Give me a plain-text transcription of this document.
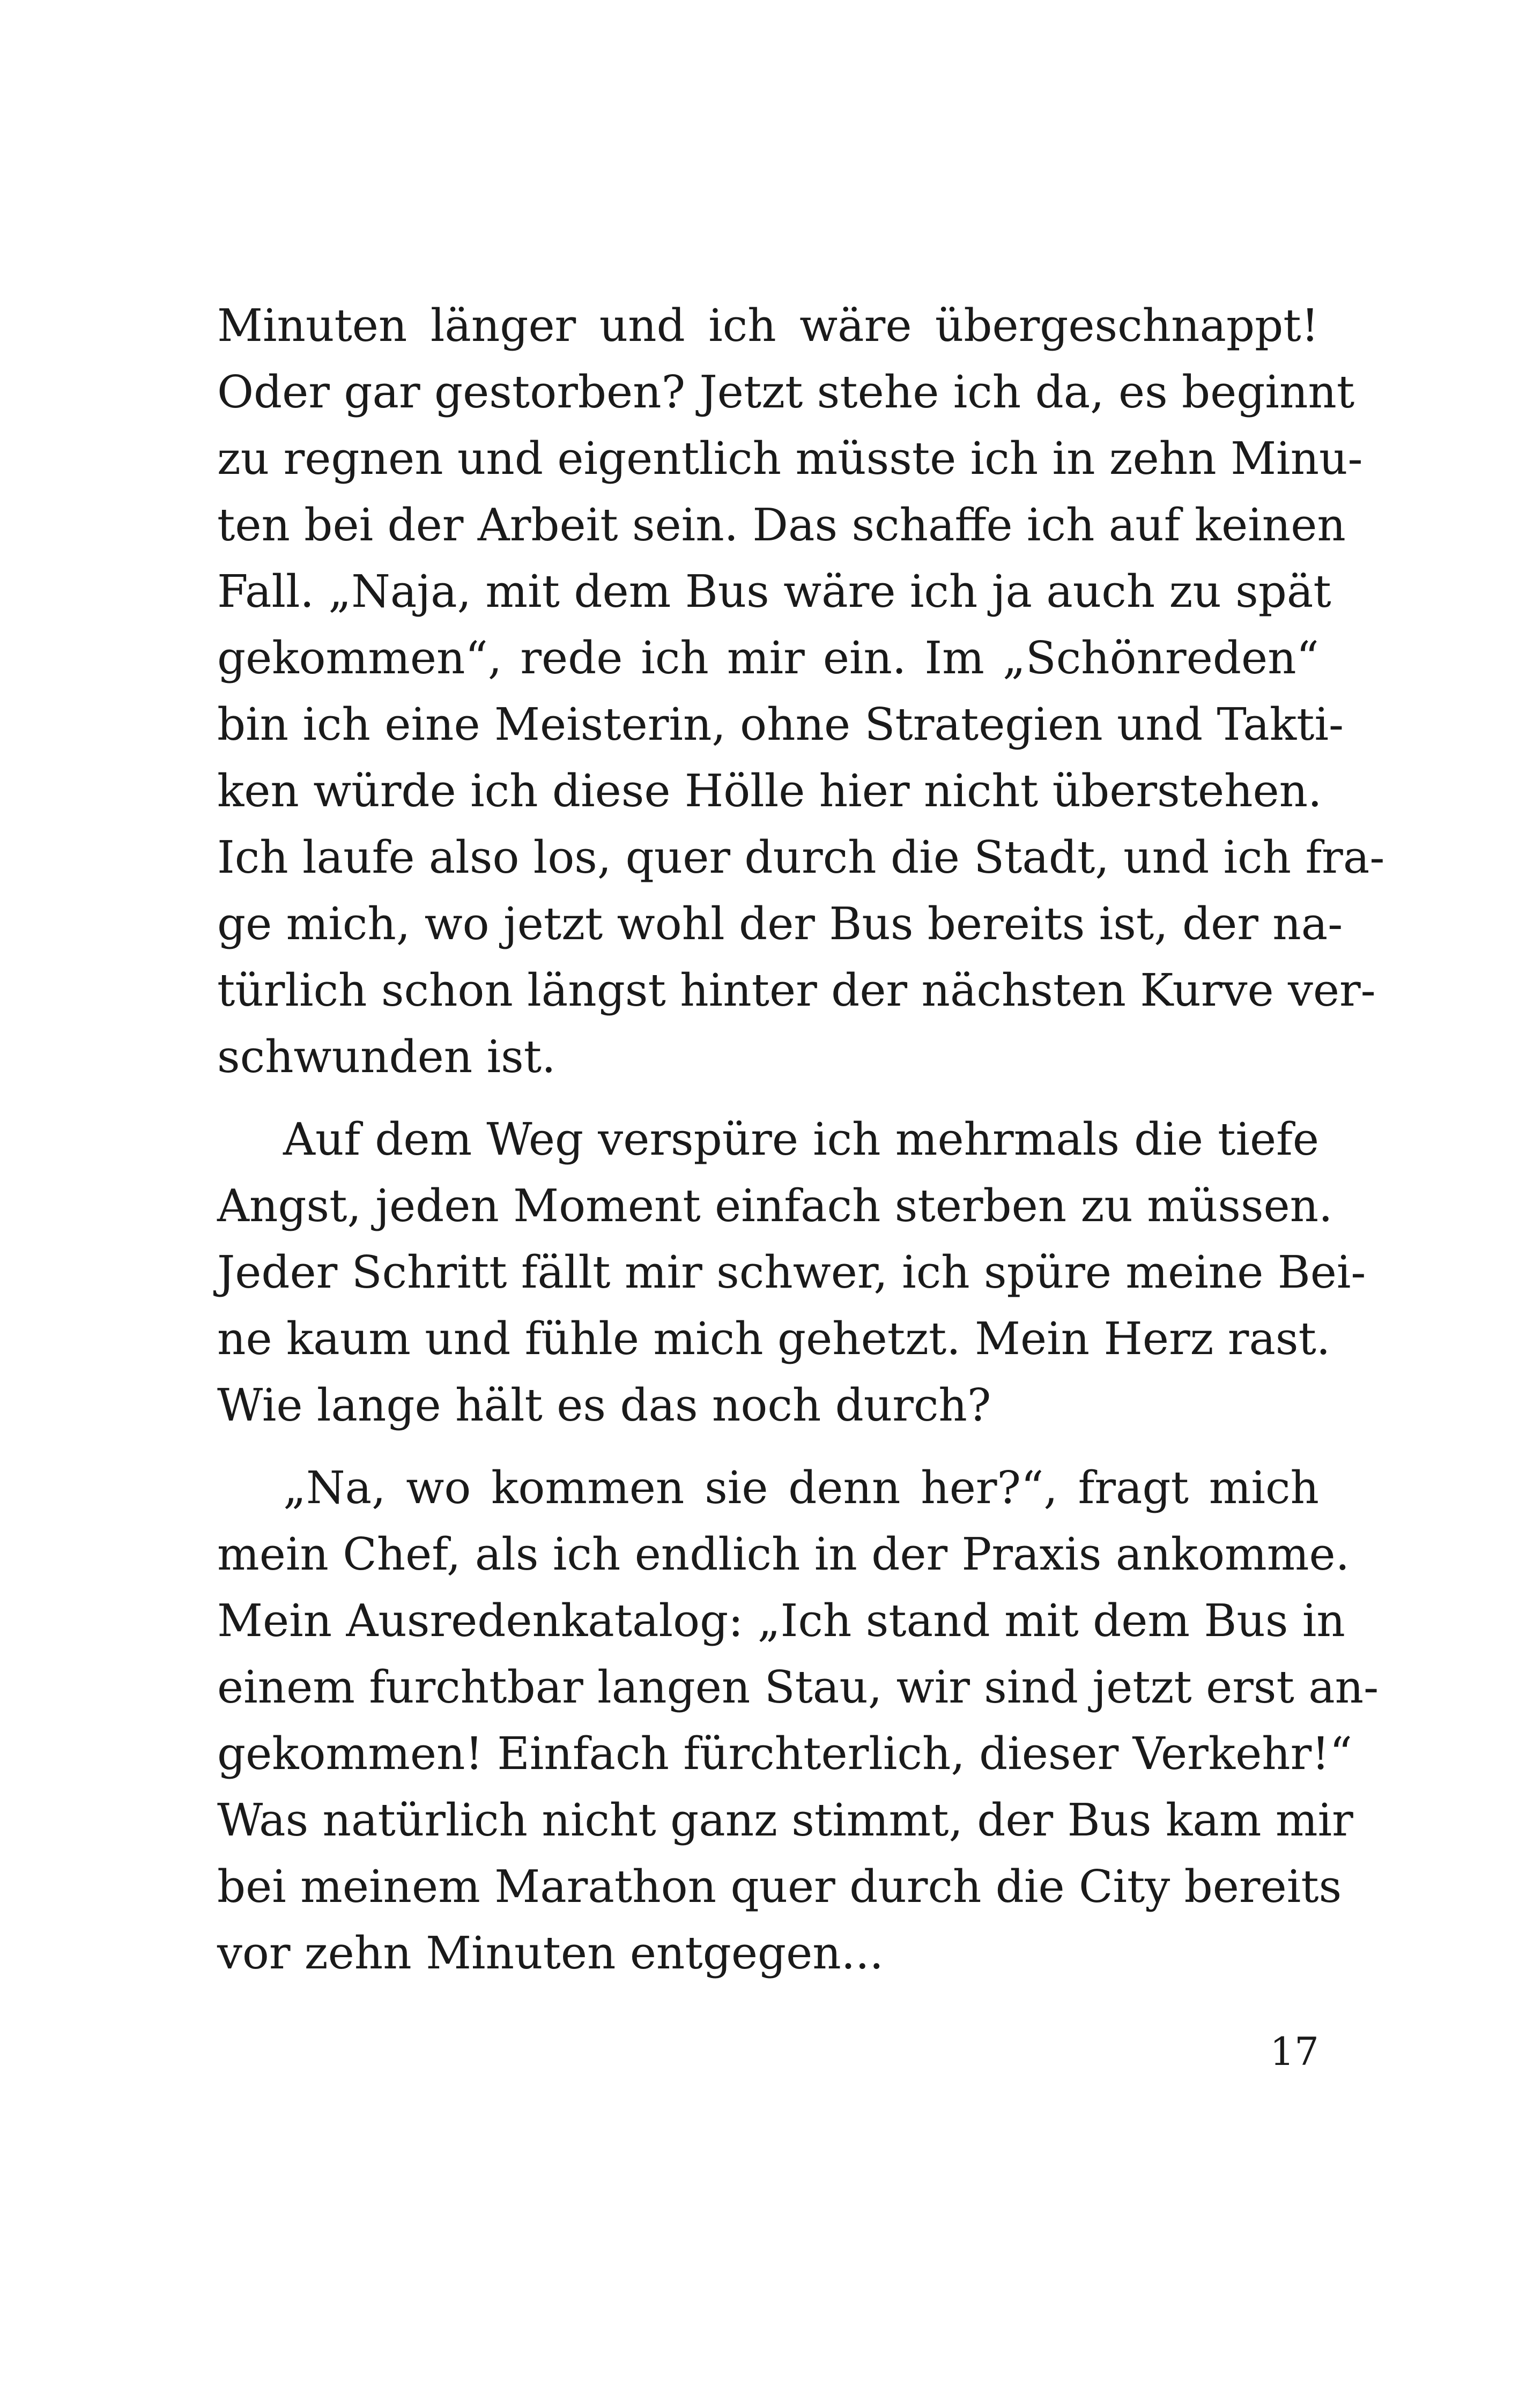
Minuten länger und ich wäre übergeschnappt!
Oder gar gestorben? Jetzt stehe ich da, es beginnt
zu regnen und eigentlich müsste ich in zehn Minu-
ten bei der Arbeit sein. Das schaffe ich auf keinen
Fall. „Naja, mit dem Bus wäre ich ja auch zu spät
gekommen“, rede ich mir ein. Im „Schönreden“
bin ich eine Meisterin, ohne Strategien und Takti-
ken würde ich diese Hölle hier nicht überstehen.
Ich laufe also los, quer durch die Stadt, und ich fra-
ge mich, wo jetzt wohl der Bus bereits ist, der na-
türlich schon längst hinter der nächsten Kurve ver-
schwunden ist.
Auf dem Weg verspüre ich mehrmals die tiefe
Angst, jeden Moment einfach sterben zu müssen.
Jeder Schritt fällt mir schwer, ich spüre meine Bei-
ne kaum und fühle mich gehetzt. Mein Herz rast.
Wie lange hält es das noch durch?
„Na, wo kommen sie denn her?“, fragt mich
mein Chef, als ich endlich in der Praxis ankomme.
Mein Ausredenkatalog: „Ich stand mit dem Bus in
einem furchtbar langen Stau, wir sind jetzt erst an-
gekommen! Einfach fürchterlich, dieser Verkehr!“
Was natürlich nicht ganz stimmt, der Bus kam mir
bei meinem Marathon quer durch die City bereits
vor zehn Minuten entgegen...
17
